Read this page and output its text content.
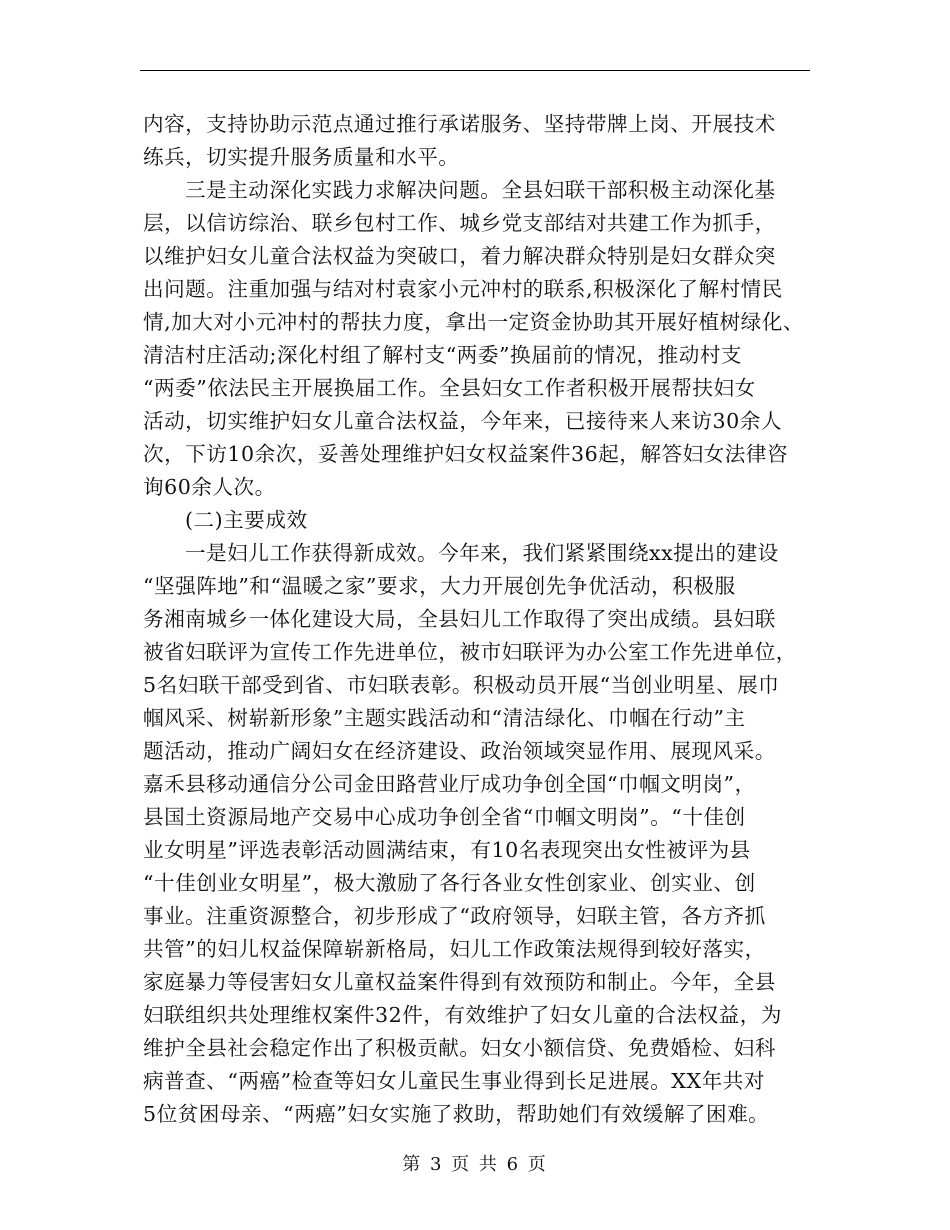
内容，支持协助示范点通过推行承诺服务、坚持带牌上岗、开展技术
练兵，切实提升服务质量和水平。
三是主动深化实践力求解决问题。全县妇联干部积极主动深化基
层，以信访综治、联乡包村工作、城乡党支部结对共建工作为抓手，
以维护妇女儿童合法权益为突破口，着力解决群众特别是妇女群众突
出问题。注重加强与结对村袁家小元冲村的联系,积极深化了解村情民
情,加大对小元冲村的帮扶力度，拿出一定资金协助其开展好植树绿化、
清洁村庄活动;深化村组了解村支“两委”换届前的情况，推动村支
“两委”依法民主开展换届工作。全县妇女工作者积极开展帮扶妇女
活动，切实维护妇女儿童合法权益，今年来，已接待来人来访30余人
次，下访10余次，妥善处理维护妇女权益案件36起，解答妇女法律咨
询60余人次。
(二)主要成效
一是妇儿工作获得新成效。今年来，我们紧紧围绕xx提出的建设
“坚强阵地”和“温暖之家”要求，大力开展创先争优活动，积极服
务湘南城乡一体化建设大局，全县妇儿工作取得了突出成绩。县妇联
被省妇联评为宣传工作先进单位，被市妇联评为办公室工作先进单位，
5名妇联干部受到省、市妇联表彰。积极动员开展“当创业明星、展巾
帼风采、树崭新形象”主题实践活动和“清洁绿化、巾帼在行动”主
题活动，推动广阔妇女在经济建设、政治领域突显作用、展现风采。
嘉禾县移动通信分公司金田路营业厅成功争创全国“巾帼文明岗”，
县国土资源局地产交易中心成功争创全省“巾帼文明岗”。“十佳创
业女明星”评选表彰活动圆满结束，有10名表现突出女性被评为县
“十佳创业女明星”，极大激励了各行各业女性创家业、创实业、创
事业。注重资源整合，初步形成了“政府领导，妇联主管，各方齐抓
共管”的妇儿权益保障崭新格局，妇儿工作政策法规得到较好落实，
家庭暴力等侵害妇女儿童权益案件得到有效预防和制止。今年，全县
妇联组织共处理维权案件32件，有效维护了妇女儿童的合法权益，为
维护全县社会稳定作出了积极贡献。妇女小额信贷、免费婚检、妇科
病普查、“两癌”检查等妇女儿童民生事业得到长足进展。XX年共对
5位贫困母亲、“两癌”妇女实施了救助，帮助她们有效缓解了困难。
第 3 页 共 6 页
